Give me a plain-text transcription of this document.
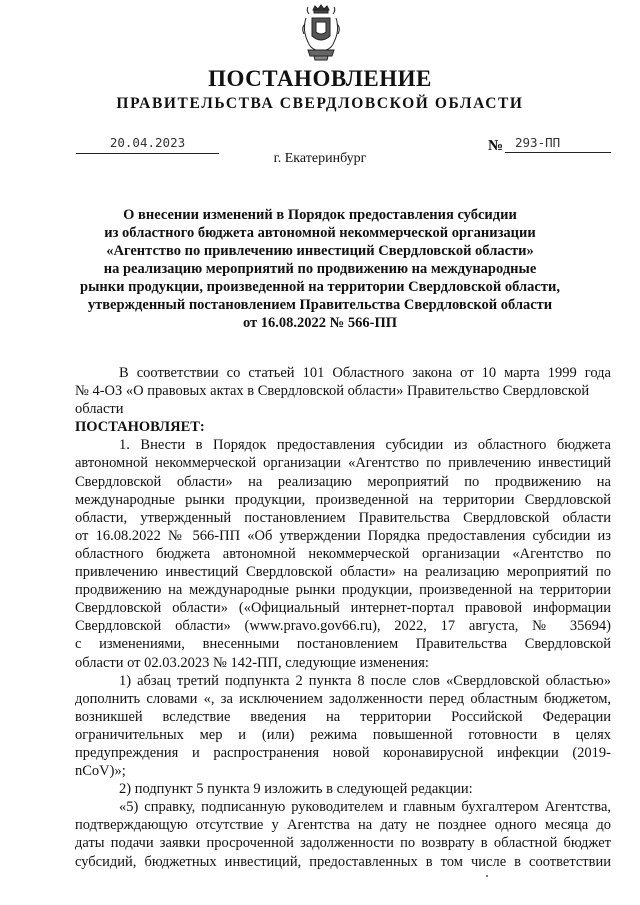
ПОСТАНОВЛЕНИЕ
ПРАВИТЕЛЬСТВА СВЕРДЛОВСКОЙ ОБЛАСТИ
20.04.2023	№ 293-ПП
г. Екатеринбург
О внесении изменений в Порядок предоставления субсидии
из областного бюджета автономной некоммерческой организации
«Агентство по привлечению инвестиций Свердловской области»
на реализацию мероприятий по продвижению на международные
рынки продукции, произведенной на территории Свердловской области,
утвержденный постановлением Правительства Свердловской области
от 16.08.2022 № 566-ПП
В соответствии со статьей 101 Областного закона от 10 марта 1999 года
№ 4-ОЗ «О правовых актах в Свердловской области» Правительство Свердловской
области
ПОСТАНОВЛЯЕТ:
1. Внести в Порядок предоставления субсидии из областного бюджета
автономной некоммерческой организации «Агентство по привлечению инвестиций
Свердловской области» на реализацию мероприятий по продвижению на
международные рынки продукции, произведенной на территории Свердловской
области, утвержденный постановлением Правительства Свердловской области
от 16.08.2022 № 566-ПП «Об утверждении Порядка предоставления субсидии из
областного бюджета автономной некоммерческой организации «Агентство по
привлечению инвестиций Свердловской области» на реализацию мероприятий по
продвижению на международные рынки продукции, произведенной на территории
Свердловской области» («Официальный интернет-портал правовой информации
Свердловской области» (www.pravo.gov66.ru), 2022, 17 августа, № 35694)
с изменениями, внесенными постановлением Правительства Свердловской
области от 02.03.2023 № 142-ПП, следующие изменения:
1) абзац третий подпункта 2 пункта 8 после слов «Свердловской областью»
дополнить словами «, за исключением задолженности перед областным бюджетом,
возникшей вследствие введения на территории Российской Федерации
ограничительных мер и (или) режима повышенной готовности в целях
предупреждения и распространения новой коронавирусной инфекции (2019-
nCoV)»;
2) подпункт 5 пункта 9 изложить в следующей редакции:
«5) справку, подписанную руководителем и главным бухгалтером Агентства,
подтверждающую отсутствие у Агентства на дату не позднее одного месяца до
даты подачи заявки просроченной задолженности по возврату в областной бюджет
субсидий, бюджетных инвестиций, предоставленных в том числе в соответствии
